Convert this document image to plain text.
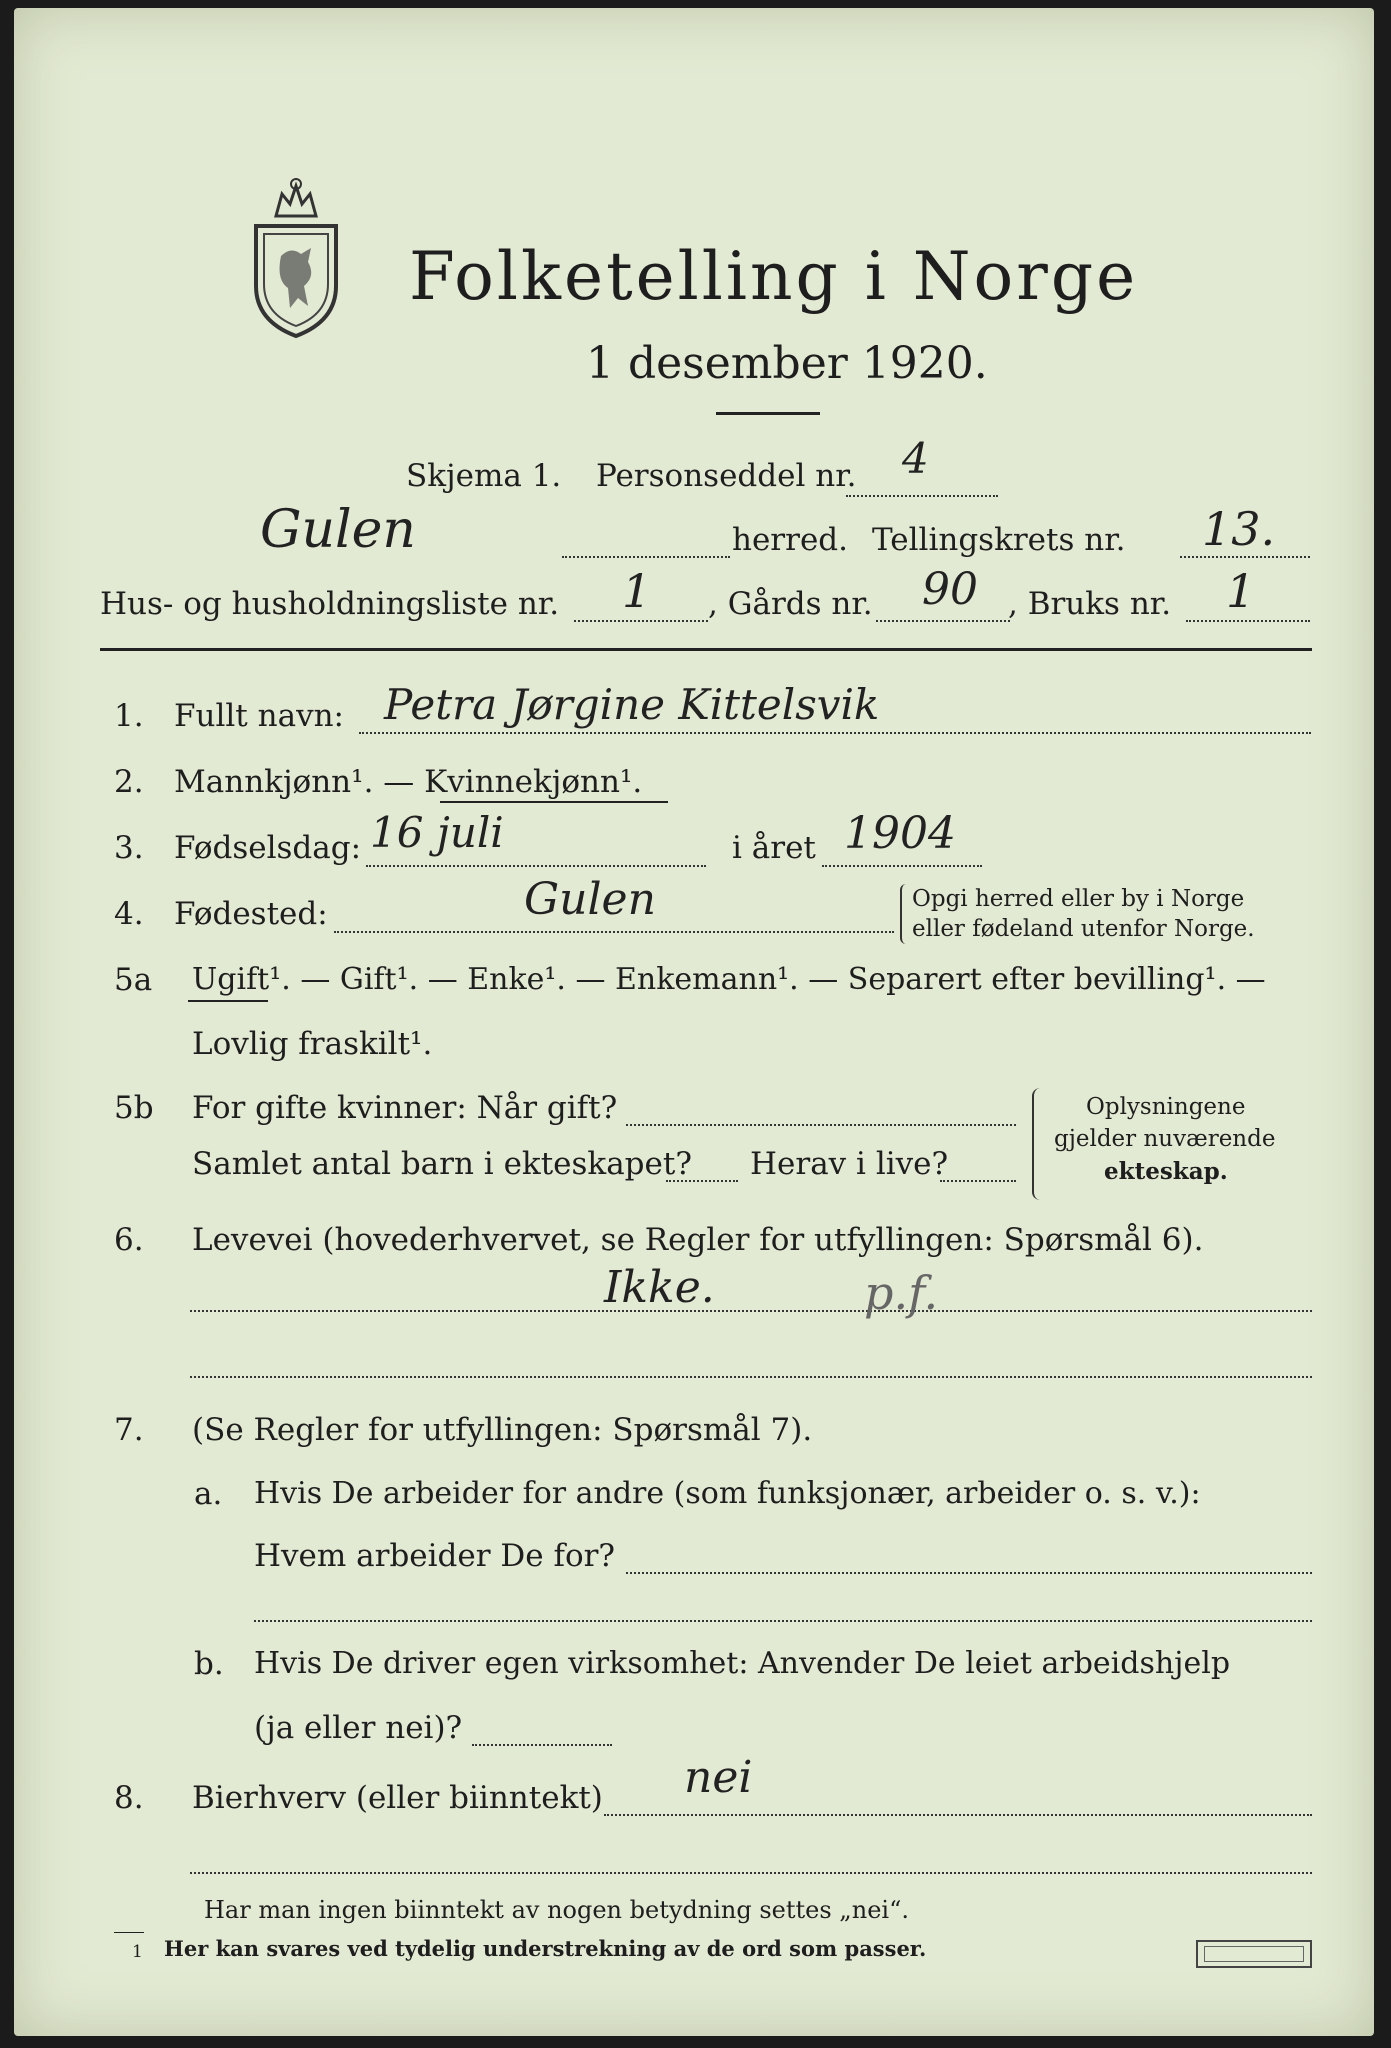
Folketelling i Norge
1 desember 1920.
Skjema 1. Personseddel nr. 4
Gulen	herred. Tellingskrets nr. 13.
Hus- og husholdningsliste nr. 1 , Gårds nr. 90 , Bruks nr. 1
1. Fullt navn: Petra Jørgine Kittelsvik
2. Mannkjønn¹. — Kvinnekjønn¹.
3. Fødselsdag: 16 juli	i året 1904
4. Fødested:	Gulen	Opgi herred eller by i Norge
eller fødeland utenfor Norge.
5a Ugift¹. — Gift¹. — Enke¹. — Enkemann¹. — Separert efter bevilling¹. —
Lovlig fraskilt¹.
5b For gifte kvinner: Når gift?
Samlet antal barn i ekteskapet? Herav i live?
Oplysningene
gjelder nuværende
ekteskap.
6. Levevei (hovederhvervet, se Regler for utfyllingen: Spørsmål 6).
Ikke.	p.f.
7. (Se Regler for utfyllingen: Spørsmål 7).
a. Hvis De arbeider for andre (som funksjonær, arbeider o. s. v.):
Hvem arbeider De for?
b. Hvis De driver egen virksomhet: Anvender De leiet arbeidshjelp
(ja eller nei)?
8. Bierhverv (eller biinntekt) nei
Har man ingen biinntekt av nogen betydning settes „nei“.
1 Her kan svares ved tydelig understrekning av de ord som passer.
